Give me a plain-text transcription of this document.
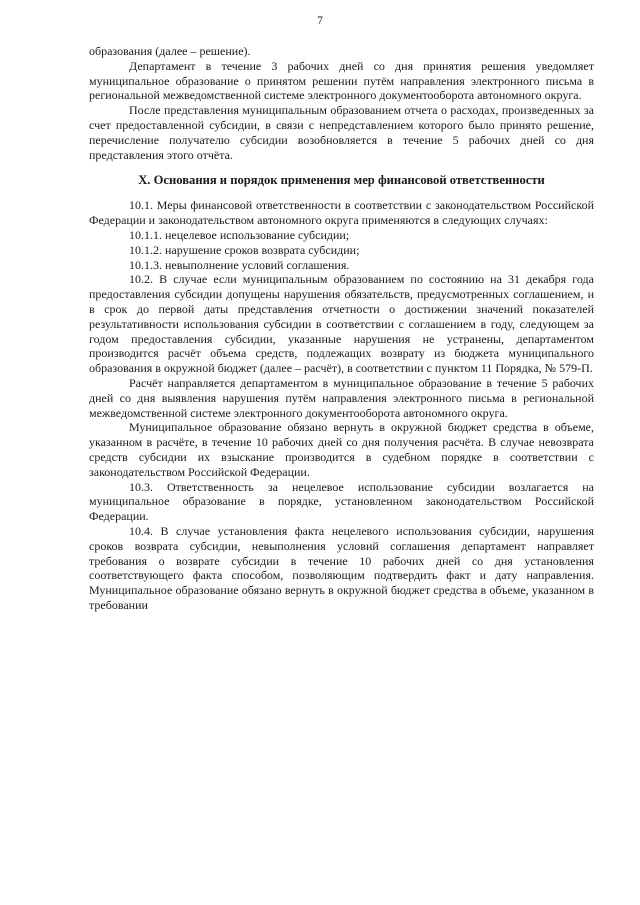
7

образования (далее – решение).

Департамент в течение 3 рабочих дней со дня принятия решения уведомляет муниципальное образование о принятом решении путём направления электронного письма в региональной межведомственной системе электронного документооборота автономного округа.

После представления муниципальным образованием отчета о расходах, произведенных за счет предоставленной субсидии, в связи с непредставлением которого было принято решение, перечисление получателю субсидии возобновляется в течение 5 рабочих дней со дня представления этого отчёта.

X. Основания и порядок применения мер финансовой ответственности

10.1. Меры финансовой ответственности в соответствии с законодательством Российской Федерации и законодательством автономного округа применяются в следующих случаях:

10.1.1. нецелевое использование субсидии;

10.1.2. нарушение сроков возврата субсидии;

10.1.3. невыполнение условий соглашения.

10.2. В случае если муниципальным образованием по состоянию на 31 декабря года предоставления субсидии допущены нарушения обязательств, предусмотренных соглашением, и в срок до первой даты представления отчетности о достижении значений показателей результативности использования субсидии в соответствии с соглашением в году, следующем за годом предоставления субсидии, указанные нарушения не устранены, департаментом производится расчёт объема средств, подлежащих возврату из бюджета муниципального образования в окружной бюджет (далее – расчёт), в соответствии с пунктом 11 Порядка, № 579-П.

Расчёт направляется департаментом в муниципальное образование в течение 5 рабочих дней со дня выявления нарушения путём направления электронного письма в региональной межведомственной системе электронного документооборота автономного округа.

Муниципальное образование обязано вернуть в окружной бюджет средства в объеме, указанном в расчёте, в течение 10 рабочих дней со дня получения расчёта. В случае невозврата средств субсидии их взыскание производится в судебном порядке в соответствии с законодательством Российской Федерации.

10.3. Ответственность за нецелевое использование субсидии возлагается на муниципальное образование в порядке, установленном законодательством Российской Федерации.

10.4. В случае установления факта нецелевого использования субсидии, нарушения сроков возврата субсидии, невыполнения условий соглашения департамент направляет требования о возврате субсидии в течение 10 рабочих дней со дня установления соответствующего факта способом, позволяющим подтвердить факт и дату направления. Муниципальное образование обязано вернуть в окружной бюджет средства в объеме, указанном в требовании
